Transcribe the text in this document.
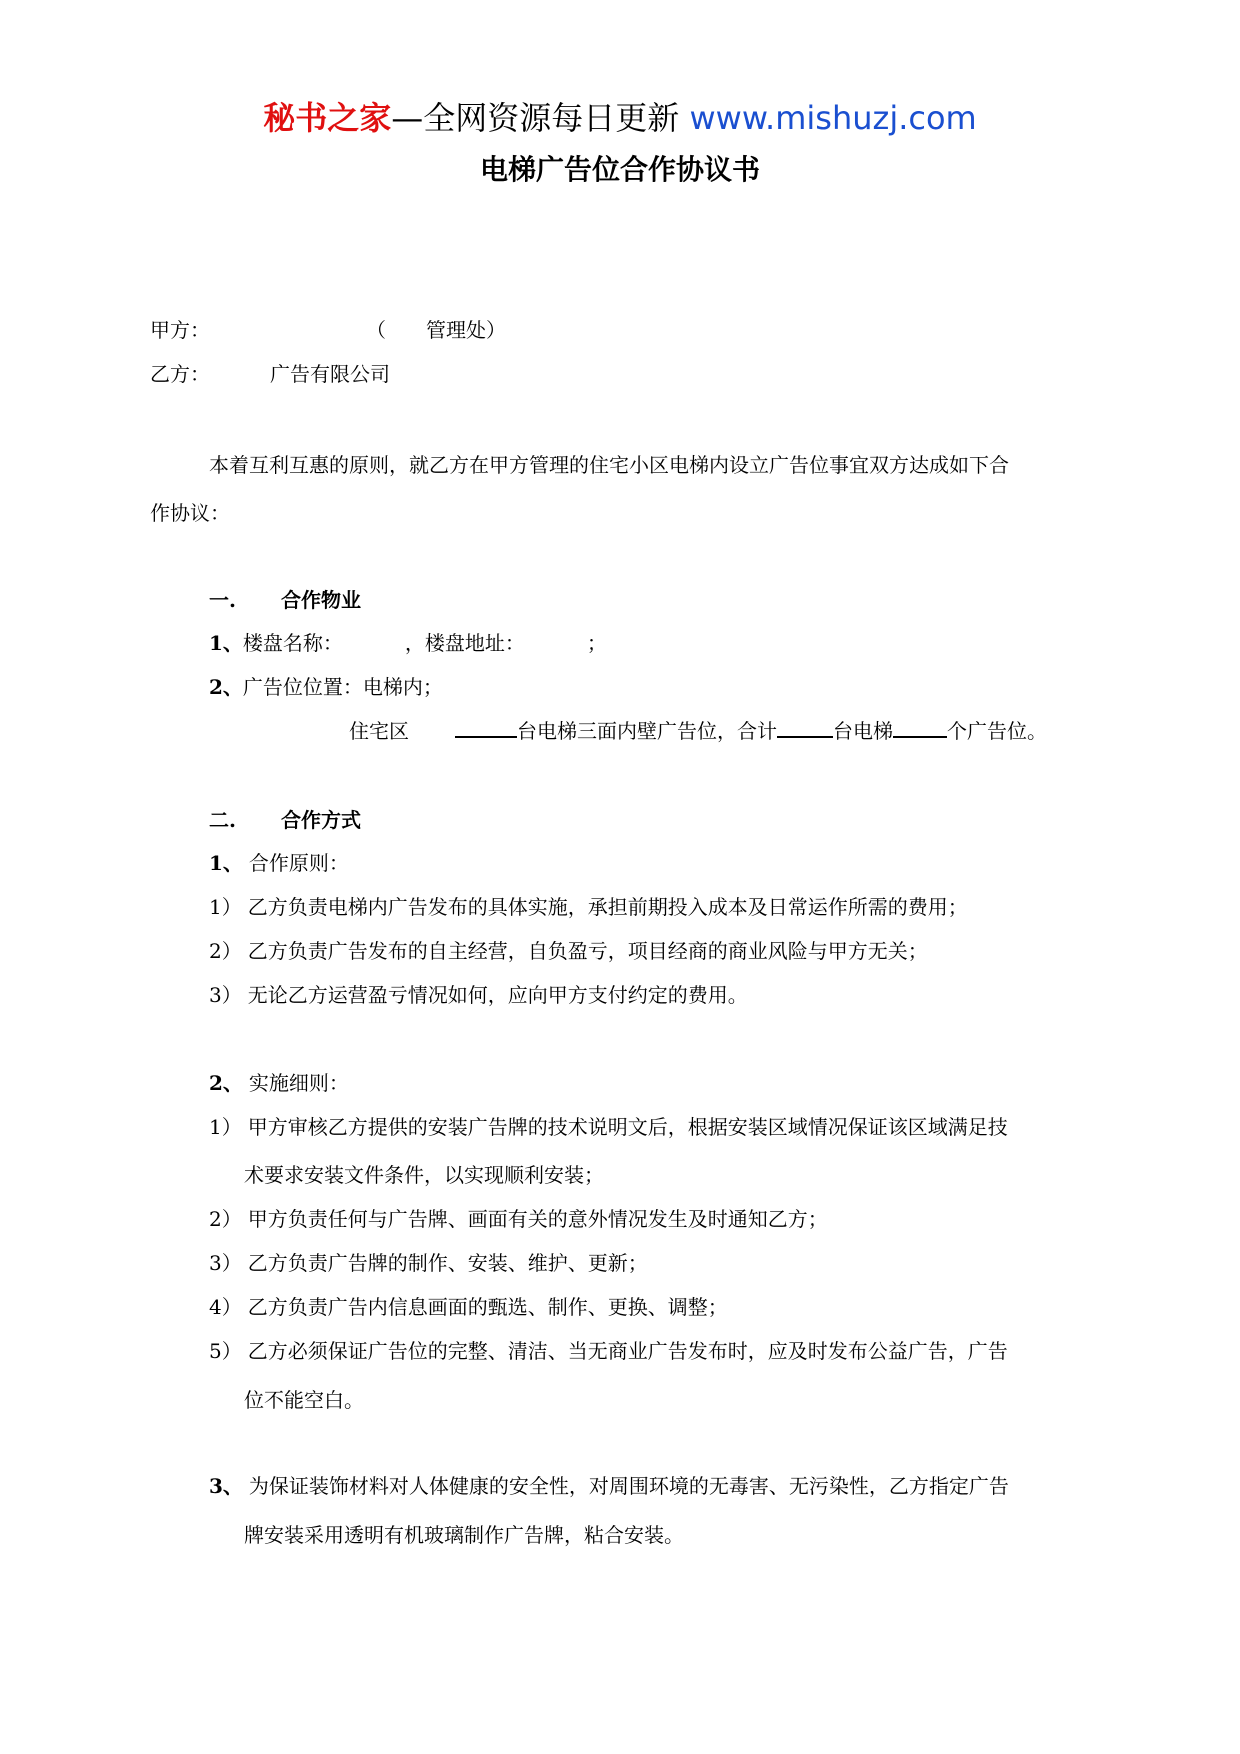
秘书之家—全网资源每日更新 www.mishuzj.com
电梯广告位合作协议书
甲方：	（ 管理处）
乙方：	广告有限公司
本着互利互惠的原则，就乙方在甲方管理的住宅小区电梯内设立广告位事宜双方达成如下合
作协议：
一. 合作物业
1、楼盘名称：	，楼盘地址：	；
2、广告位位置：电梯内；
住宅区	台电梯三面内壁广告位，合计	台电梯	个广告位。
二. 合作方式
1、 合作原则：
1） 乙方负责电梯内广告发布的具体实施，承担前期投入成本及日常运作所需的费用；
2） 乙方负责广告发布的自主经营，自负盈亏，项目经商的商业风险与甲方无关；
3） 无论乙方运营盈亏情况如何，应向甲方支付约定的费用。
2、 实施细则：
1） 甲方审核乙方提供的安装广告牌的技术说明文后，根据安装区域情况保证该区域满足技
术要求安装文件条件，以实现顺利安装；
2） 甲方负责任何与广告牌、画面有关的意外情况发生及时通知乙方；
3） 乙方负责广告牌的制作、安装、维护、更新；
4） 乙方负责广告内信息画面的甄选、制作、更换、调整；
5） 乙方必须保证广告位的完整、清洁、当无商业广告发布时，应及时发布公益广告，广告
位不能空白。
3、 为保证装饰材料对人体健康的安全性，对周围环境的无毒害、无污染性，乙方指定广告
牌安装采用透明有机玻璃制作广告牌，粘合安装。
